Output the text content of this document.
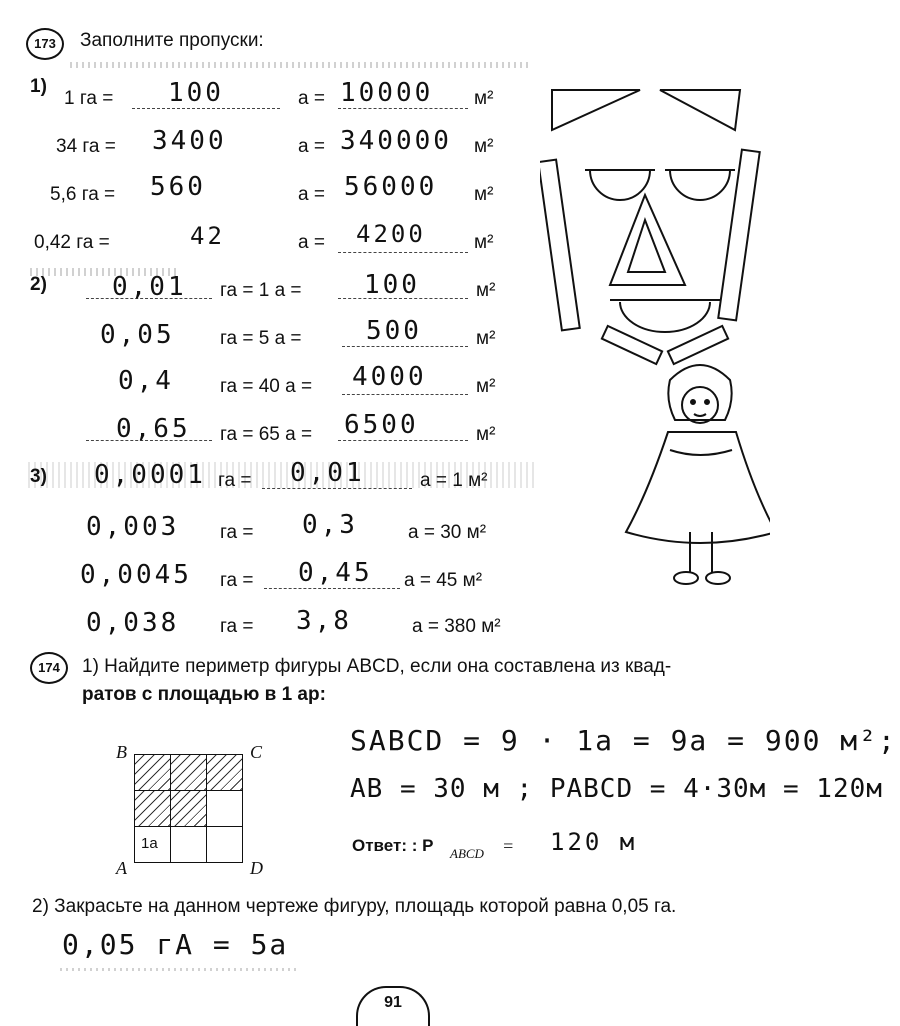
173	Заполните пропуски:
1)
1 га = 100	а = 10000 м²
34 га = 3400	а = 340000 м²
5,6 га = 560	а = 56000 м²
0,42 га =	42	а = 4200	м²
2)	0,01 га = 1 а = 100	м²
0,05 га = 5 а = 500	м²
0,4 га = 40 а = 4000	м²
0,65 га = 65 а = 6500	м²
3) 0,0001 га = 0,01	а = 1 м²
0,003 га = 0,3	а = 30 м²
0,0045 га = 0,45 а = 45 м²
0,038 га = 3,8	а = 380 м²
174	1) Найдите периметр фигуры ABCD, если она составлена из квад-
ратов с площадью в 1 ар:
B	C
A	D
1а
SABCD = 9 · 1a = 9a = 900 м²;
AB = 30 м ; PABCD = 4·30м = 120м
Ответ: : P ABCD = 120 м
2) Закрасьте на данном чертеже фигуру, площадь которой равна 0,05 га.
0,05 гА = 5а
91
